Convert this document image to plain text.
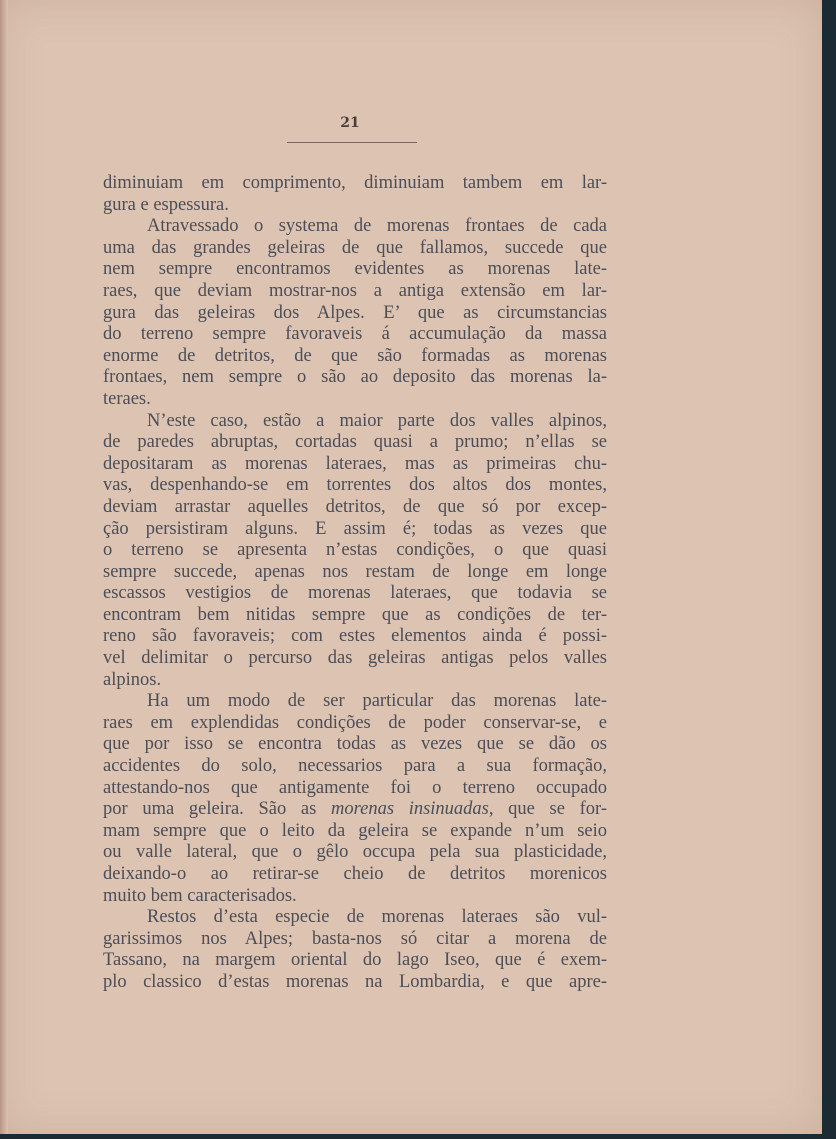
21
diminuiam em comprimento, diminuiam tambem em lar-
gura e espessura.
Atravessado o systema de morenas frontaes de cada
uma das grandes geleiras de que fallamos, succede que
nem sempre encontramos evidentes as morenas late-
raes, que deviam mostrar-nos a antiga extensão em lar-
gura das geleiras dos Alpes. E’ que as circumstancias
do terreno sempre favoraveis á accumulação da massa
enorme de detritos, de que são formadas as morenas
frontaes, nem sempre o são ao deposito das morenas la-
teraes.
N’este caso, estão a maior parte dos valles alpinos,
de paredes abruptas, cortadas quasi a prumo; n’ellas se
depositaram as morenas lateraes, mas as primeiras chu-
vas, despenhando-se em torrentes dos altos dos montes,
deviam arrastar aquelles detritos, de que só por excep-
ção persistiram alguns. E assim é; todas as vezes que
o terreno se apresenta n’estas condições, o que quasi
sempre succede, apenas nos restam de longe em longe
escassos vestigios de morenas lateraes, que todavia se
encontram bem nitidas sempre que as condições de ter-
reno são favoraveis; com estes elementos ainda é possi-
vel delimitar o percurso das geleiras antigas pelos valles
alpinos.
Ha um modo de ser particular das morenas late-
raes em explendidas condições de poder conservar-se, e
que por isso se encontra todas as vezes que se dão os
accidentes do solo, necessarios para a sua formação,
attestando-nos que antigamente foi o terreno occupado
por uma geleira. São as morenas insinuadas, que se for-
mam sempre que o leito da geleira se expande n’um seio
ou valle lateral, que o gêlo occupa pela sua plasticidade,
deixando-o ao retirar-se cheio de detritos morenicos
muito bem caracterisados.
Restos d’esta especie de morenas lateraes são vul-
garissimos nos Alpes; basta-nos só citar a morena de
Tassano, na margem oriental do lago Iseo, que é exem-
plo classico d’estas morenas na Lombardia, e que apre-
